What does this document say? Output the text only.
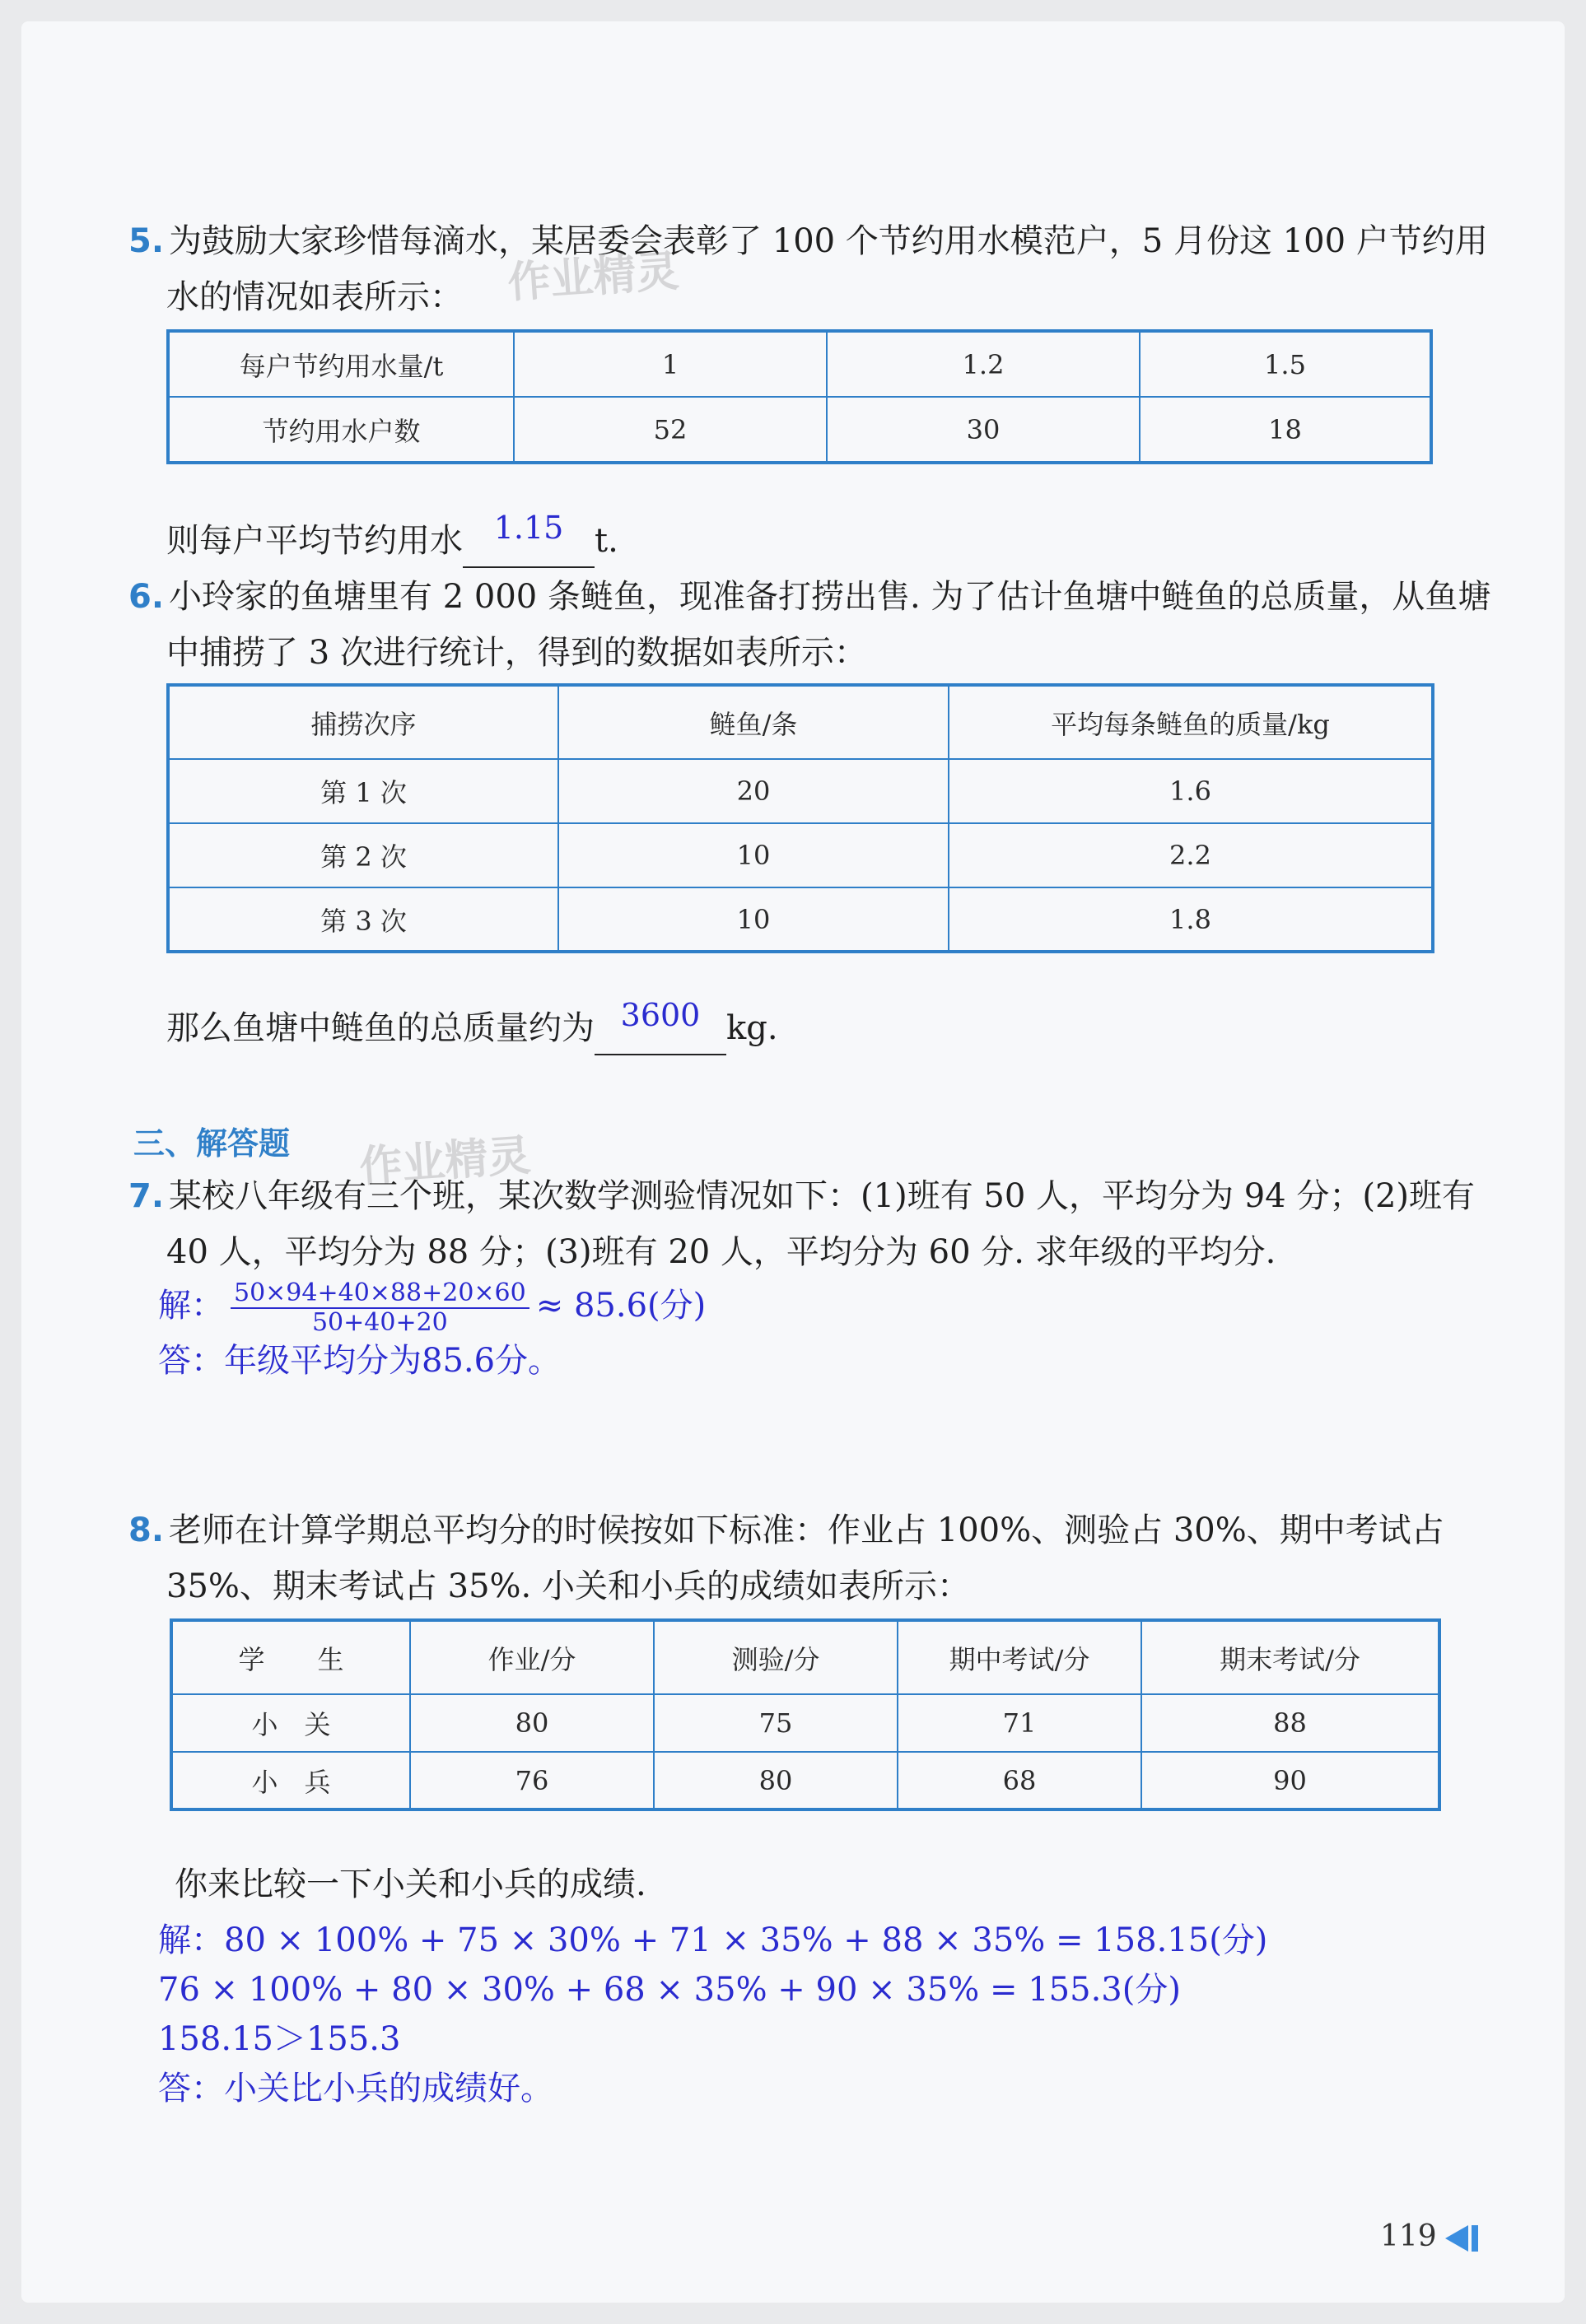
5. 为鼓励大家珍惜每滴水，某居委会表彰了 100 个节约用水模范户，5 月份这 100 户节约用
水的情况如表所示： 作业精灵
每户节约用水量/t	1	1.2	1.5
节约用水户数	52	30	18
则每户平均节约用水 1.15 t.
6. 小玲家的鱼塘里有 2 000 条鲢鱼，现准备打捞出售. 为了估计鱼塘中鲢鱼的总质量，从鱼塘
中捕捞了 3 次进行统计，得到的数据如表所示：
捕捞次序	鲢鱼/条	平均每条鲢鱼的质量/kg
第 1 次	20	1.6
第 2 次	10	2.2
第 3 次	10	1.8
那么鱼塘中鲢鱼的总质量约为 3600 kg.
三、解答题 作业精灵
7. 某校八年级有三个班，某次数学测验情况如下：(1)班有 50 人，平均分为 94 分；(2)班有
40 人，平均分为 88 分；(3)班有 20 人，平均分为 60 分. 求年级的平均分.
解： $\frac{50\times 94+40\times 88+20\times 60}{50+40+20} \approx 85.6$(分)
答：年级平均分为85.6分。
8. 老师在计算学期总平均分的时候按如下标准：作业占 100%、测验占 30%、期中考试占
35%、期末考试占 35%. 小关和小兵的成绩如表所示：
学　　生	作业/分	测验/分	期中考试/分	期末考试/分
小　关	80	75	71	88
小　兵	76	80	68	90
你来比较一下小关和小兵的成绩.
解：80 × 100% + 75 × 30% + 71 × 35% + 88 × 35% = 158.15(分)
76 × 100% + 80 × 30% + 68 × 35% + 90 × 35% = 155.3(分)
158.15＞155.3
答：小关比小兵的成绩好。
119
